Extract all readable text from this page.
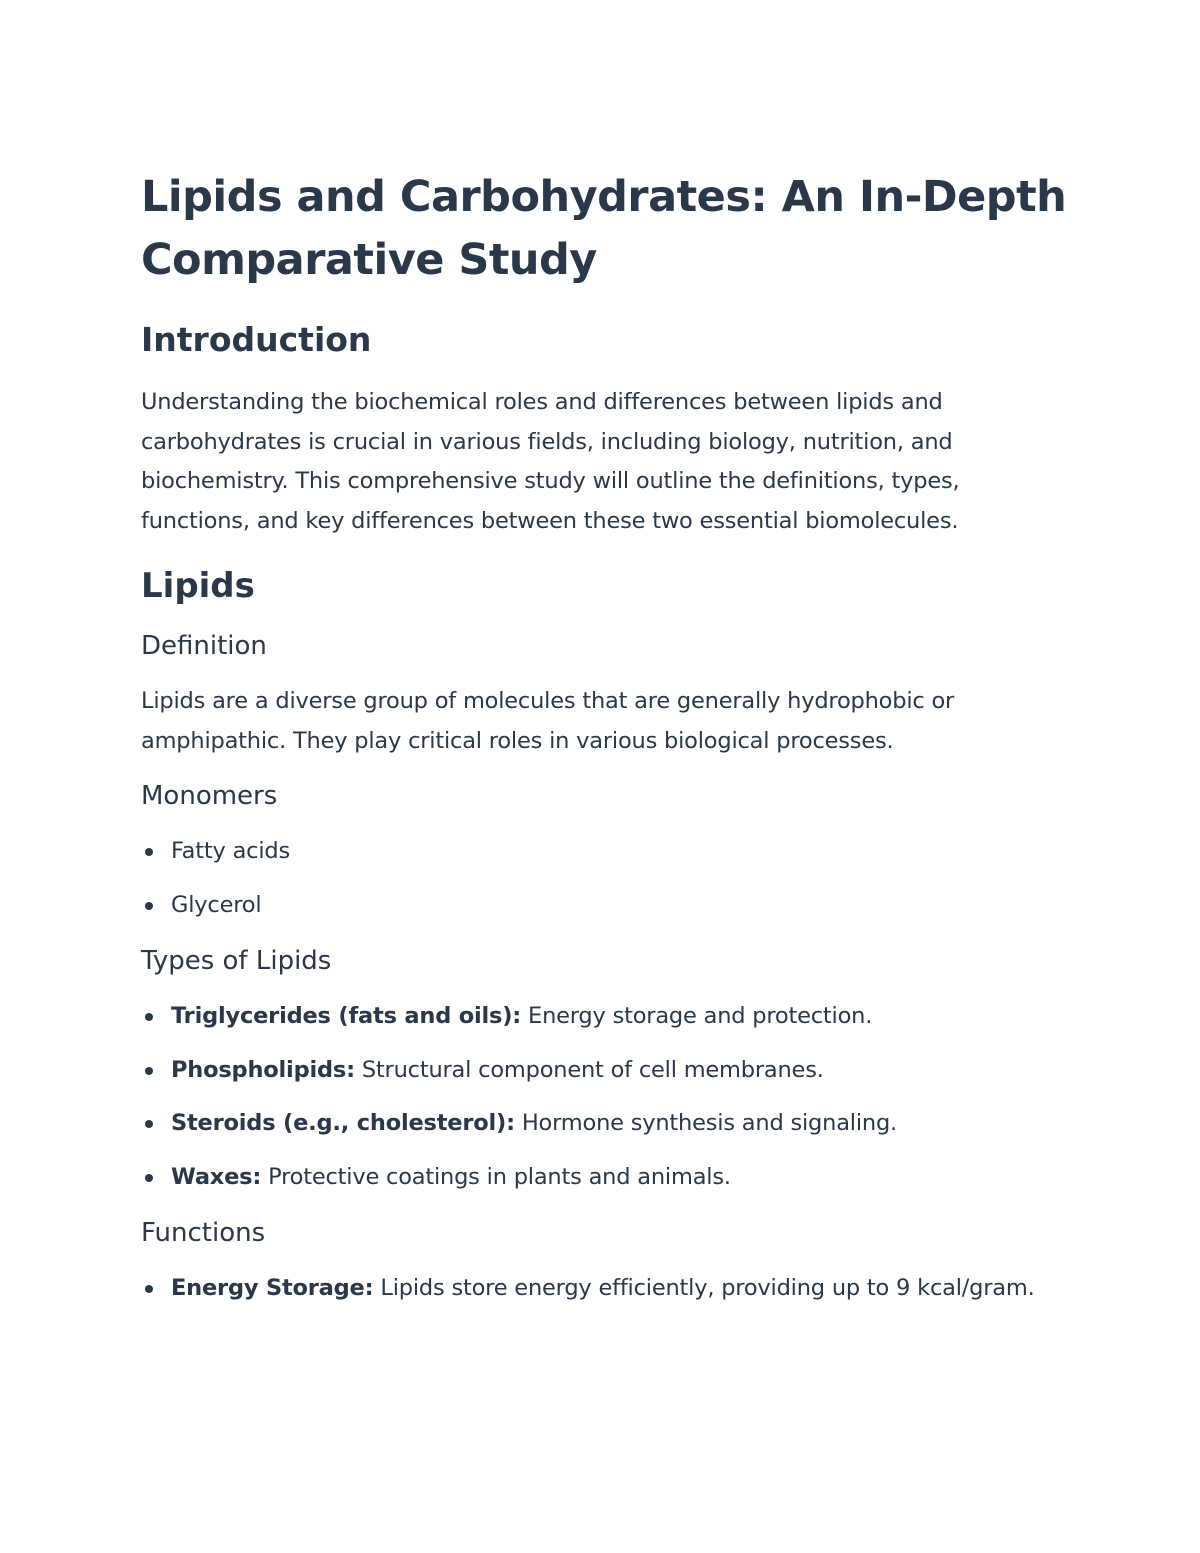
Lipids and Carbohydrates: An In-Depth Comparative Study
Introduction

Understanding the biochemical roles and differences between lipids and carbohydrates is crucial in various fields, including biology, nutrition, and biochemistry. This comprehensive study will outline the definitions, types, functions, and key differences between these two essential biomolecules.

Lipids
Definition

Lipids are a diverse group of molecules that are generally hydrophobic or amphipathic. They play critical roles in various biological processes.

Monomers
Fatty acids
Glycerol
Types of Lipids
Triglycerides (fats and oils): Energy storage and protection.
Phospholipids: Structural component of cell membranes.
Steroids (e.g., cholesterol): Hormone synthesis and signaling.
Waxes: Protective coatings in plants and animals.
Functions
Energy Storage: Lipids store energy efficiently, providing up to 9 kcal/gram.
